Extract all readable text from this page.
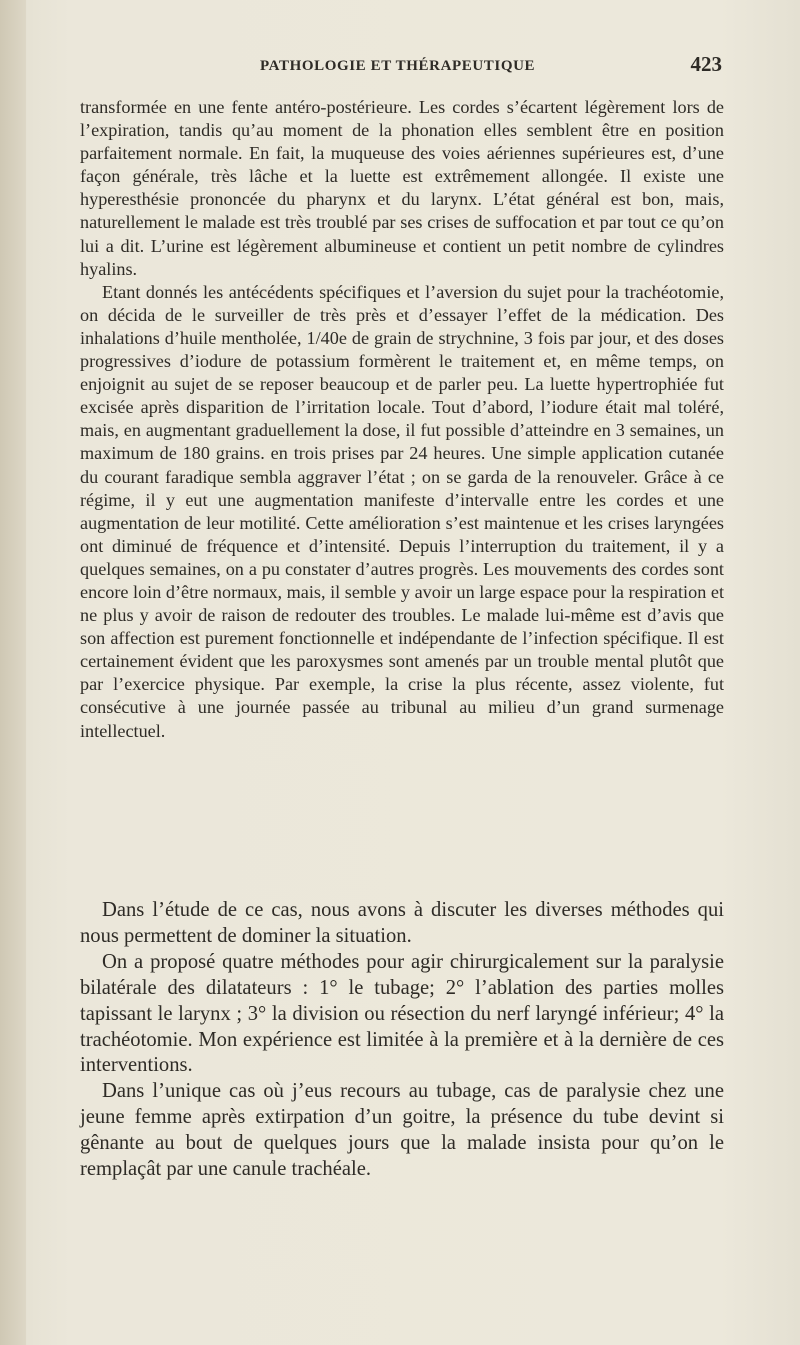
PATHOLOGIE ET THÉRAPEUTIQUE	423

transformée en une fente antéro-postérieure. Les cordes s’écartent légèrement lors de l’expiration, tandis qu’au moment de la phonation elles semblent être en position parfaitement normale. En fait, la muqueuse des voies aériennes supérieures est, d’une façon générale, très lâche et la luette est extrêmement allongée. Il existe une hyperesthésie prononcée du pharynx et du larynx. L’état général est bon, mais, naturellement le malade est très troublé par ses crises de suffocation et par tout ce qu’on lui a dit. L’urine est légèrement albumineuse et contient un petit nombre de cylindres hyalins.

Etant donnés les antécédents spécifiques et l’aversion du sujet pour la trachéotomie, on décida de le surveiller de très près et d’essayer l’effet de la médication. Des inhalations d’huile mentholée, 1/40e de grain de strychnine, 3 fois par jour, et des doses progressives d’iodure de potassium formèrent le traitement et, en même temps, on enjoignit au sujet de se reposer beaucoup et de parler peu. La luette hypertrophiée fut excisée après disparition de l’irritation locale. Tout d’abord, l’iodure était mal toléré, mais, en augmentant graduellement la dose, il fut possible d’atteindre en 3 semaines, un maximum de 180 grains. en trois prises par 24 heures. Une simple application cutanée du courant faradique sembla aggraver l’état ; on se garda de la renouveler. Grâce à ce régime, il y eut une augmentation manifeste d’intervalle entre les cordes et une augmentation de leur motilité. Cette amélioration s’est maintenue et les crises laryngées ont diminué de fréquence et d’intensité. Depuis l’interruption du traitement, il y a quelques semaines, on a pu constater d’autres progrès. Les mouvements des cordes sont encore loin d’être normaux, mais, il semble y avoir un large espace pour la respiration et ne plus y avoir de raison de redouter des troubles. Le malade lui-même est d’avis que son affection est purement fonctionnelle et indépendante de l’infection spécifique. Il est certainement évident que les paroxysmes sont amenés par un trouble mental plutôt que par l’exercice physique. Par exemple, la crise la plus récente, assez violente, fut consécutive à une journée passée au tribunal au milieu d’un grand surmenage intellectuel.

Dans l’étude de ce cas, nous avons à discuter les diverses méthodes qui nous permettent de dominer la situation.

On a proposé quatre méthodes pour agir chirurgicalement sur la paralysie bilatérale des dilatateurs : 1° le tubage; 2° l’ablation des parties molles tapissant le larynx ; 3° la division ou résection du nerf laryngé inférieur; 4° la trachéotomie. Mon expérience est limitée à la première et à la dernière de ces interventions.

Dans l’unique cas où j’eus recours au tubage, cas de paralysie chez une jeune femme après extirpation d’un goitre, la présence du tube devint si gênante au bout de quelques jours que la malade insista pour qu’on le remplaçât par une canule trachéale.
